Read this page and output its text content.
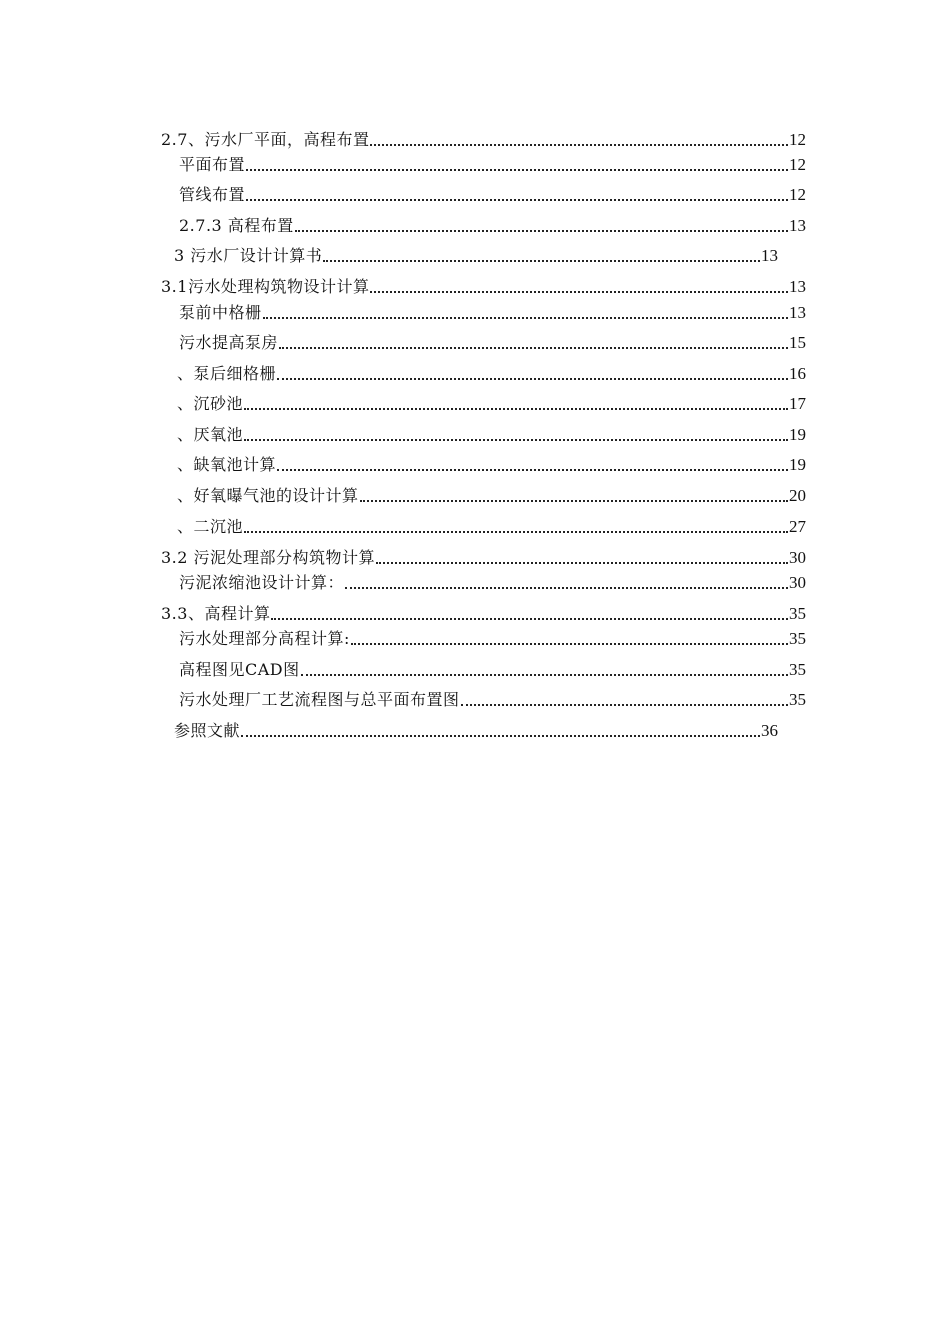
2.7、污水厂平面，高程布置	12
平面布置	12
管线布置	12
2.7.3 高程布置	13
3 污水厂设计计算书	13
3.1污水处理构筑物设计计算	13
泵前中格栅	13
污水提高泵房	15
、泵后细格栅	16
、沉砂池	17
、厌氧池	19
、缺氧池计算	19
、好氧曝气池的设计计算	20
、二沉池	27
3.2 污泥处理部分构筑物计算	30
污泥浓缩池设计计算：	30
3.3、高程计算	35
污水处理部分高程计算:	35
高程图见CAD图	35
污水处理厂工艺流程图与总平面布置图	35
参照文献	36
